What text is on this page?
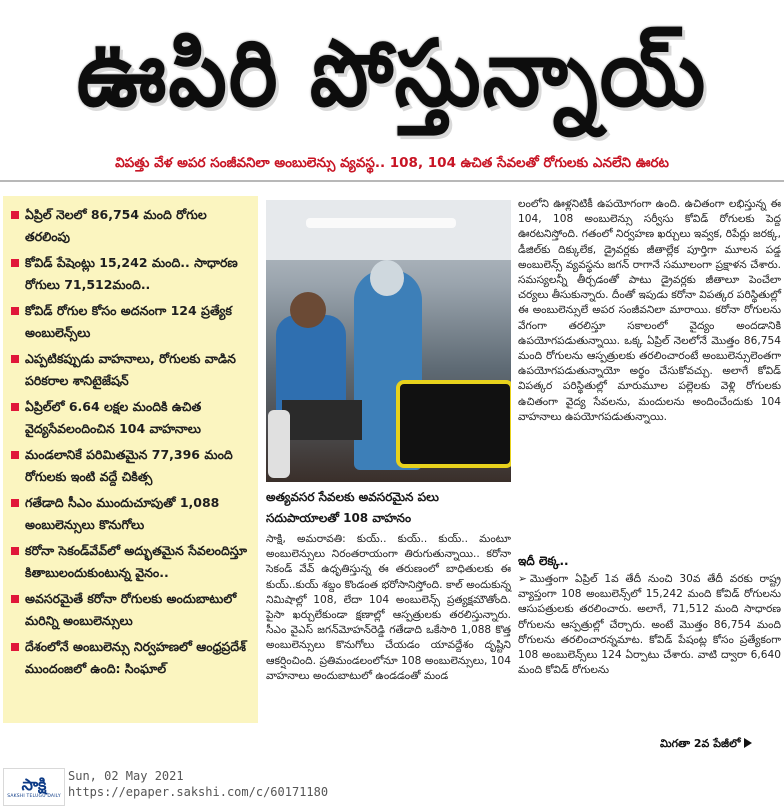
ఊపిరి పోస్తున్నాయ్
విపత్తు వేళ అపర సంజీవనిలా అంబులెన్సు వ్యవస్థ.. 108, 104 ఉచిత సేవలతో రోగులకు ఎనలేని ఊరట
ఏప్రిల్ నెలలో 86,754 మంది రోగుల తరలింపు
కోవిడ్ పేషెంట్లు 15,242 మంది.. సాధారణ రోగులు 71,512మంది..
కోవిడ్ రోగుల కోసం అదనంగా 124 ప్రత్యేక అంబులెన్స్‌లు
ఎప్పటికప్పుడు వాహనాలు, రోగులకు వాడిన పరికరాల శానిటైజేషన్
ఏప్రిల్‌లో 6.64 లక్షల మందికి ఉచిత వైద్యసేవలందించిన 104 వాహనాలు
మండలానికే పరిమితమైన 77,396 మంది రోగులకు ఇంటి వద్దే చికిత్స
గతేడాది సీఎం ముందుచూపుతో 1,088 అంబులెన్సులు కొనుగోలు
కరోనా సెకండ్‌వేవ్‌లో అద్భుతమైన సేవలందిస్తూ కితాబులందుకుంటున్న వైనం..
అవసరమైతే కరోనా రోగులకు అందుబాటులో మరిన్ని అంబులెన్సులు
దేశంలోనే అంబులెన్సు నిర్వహణలో ఆంధ్రప్రదేశ్ ముందంజలో ఉంది: సింఘాల్
అత్యవసర సేవలకు అవసరమైన పలు సదుపాయాలతో 108 వాహనం
సాక్షి, అమరావతి: కుయ్.. కుయ్.. కుయ్.. మంటూ అంబులెన్సులు నిరంతరాయంగా తిరుగుతున్నాయి.. కరోనా సెకండ్ వేవ్ ఉధృతిస్తున్న ఈ తరుణంలో బాధితులకు ఈ కుయ్..కుయ్ శబ్దం కొండంత భరోసానిస్తోంది. కాల్ అందుకున్న నిమిషాల్లో 108, లేదా 104 అంబులెన్స్ ప్రత్యక్షమౌతోంది. పైసా ఖర్చులేకుండా క్షణాల్లో ఆస్పత్రులకు తరలిస్తున్నారు. సీఎం వైఎస్ జగన్‌మోహన్‌రెడ్డి గతేడాది ఒకేసారి 1,088 కొత్త అంబులెన్సులు కొనుగోలు చేయడం యావద్దేశం దృష్టిని ఆకర్షించింది. ప్రతిమండలంలోనూ 108 అంబులెన్సులు, 104 వాహనాలు అందుబాటులో ఉండడంతో మండ
లంలోని ఊళ్లనిటికీ ఉపయోగంగా ఉంది. ఉచితంగా లభిస్తున్న ఈ 104, 108 అంబులెన్సు సర్వీసు కోవిడ్ రోగులకు పెద్ద ఊరటనిస్తోంది. గతంలో నిర్వహణ ఖర్చులు ఇవ్వక, రిపేర్లు జరక్క, డీజిల్‌కు దిక్కులేక, డ్రైవర్లకు జీతాల్లేక పూర్తిగా మూలన పడ్డ అంబులెన్స్ వ్యవస్థను జగన్ రాగానే సమూలంగా ప్రక్షాళన చేశారు. సమస్యలన్నీ తీర్చడంతో పాటు డ్రైవర్లకు జీతాలూ పెంచేలా చర్యలు తీసుకున్నారు. దీంతో ఇపుడు కరోనా విపత్కర పరిస్థితుల్లో ఈ అంబులెన్సులే అపర సంజీవనిలా మారాయి. కరోనా రోగులను వేగంగా తరలిస్తూ సకాలంలో వైద్యం అందడానికి ఉపయోగపడుతున్నాయి. ఒక్క ఏప్రిల్ నెలలోనే మొత్తం 86,754 మంది రోగులను ఆస్పత్రులకు తరలించారంటే అంబులెన్సులెంతగా ఉపయోగపడుతున్నాయో అర్థం చేసుకోవచ్చు. అలాగే కోవిడ్ విపత్కర పరిస్థితుల్లో మారుమూల పల్లెలకు వెళ్లి రోగులకు ఉచితంగా వైద్య సేవలను, మందులను అందించేందుకు 104 వాహనాలు ఉపయోగపడుతున్నాయి.
ఇదీ లెక్క..
➢ మొత్తంగా ఏప్రిల్ 1వ తేదీ నుంచి 30వ తేదీ వరకు రాష్ట్ర వ్యాప్తంగా 108 అంబులెన్స్‌లో 15,242 మంది కోవిడ్ రోగులను ఆసుపత్రులకు తరలించారు. అలాగే, 71,512 మంది సాధారణ రోగులను ఆస్పత్రుల్లో చేర్చారు. అంటే మొత్తం 86,754 మంది రోగులను తరలించారన్నమాట. కోవిడ్ పేషంట్ల కోసం ప్రత్యేకంగా 108 అంబులెన్స్‌లు 124 ఏర్పాటు చేశారు. వాటి ద్వారా 6,640 మంది కోవిడ్ రోగులను
మిగతా 2వ పేజీలో
సాక్షి
SAKSHI TELUGU DAILY
Sun, 02 May 2021
https://epaper.sakshi.com/c/60171180
